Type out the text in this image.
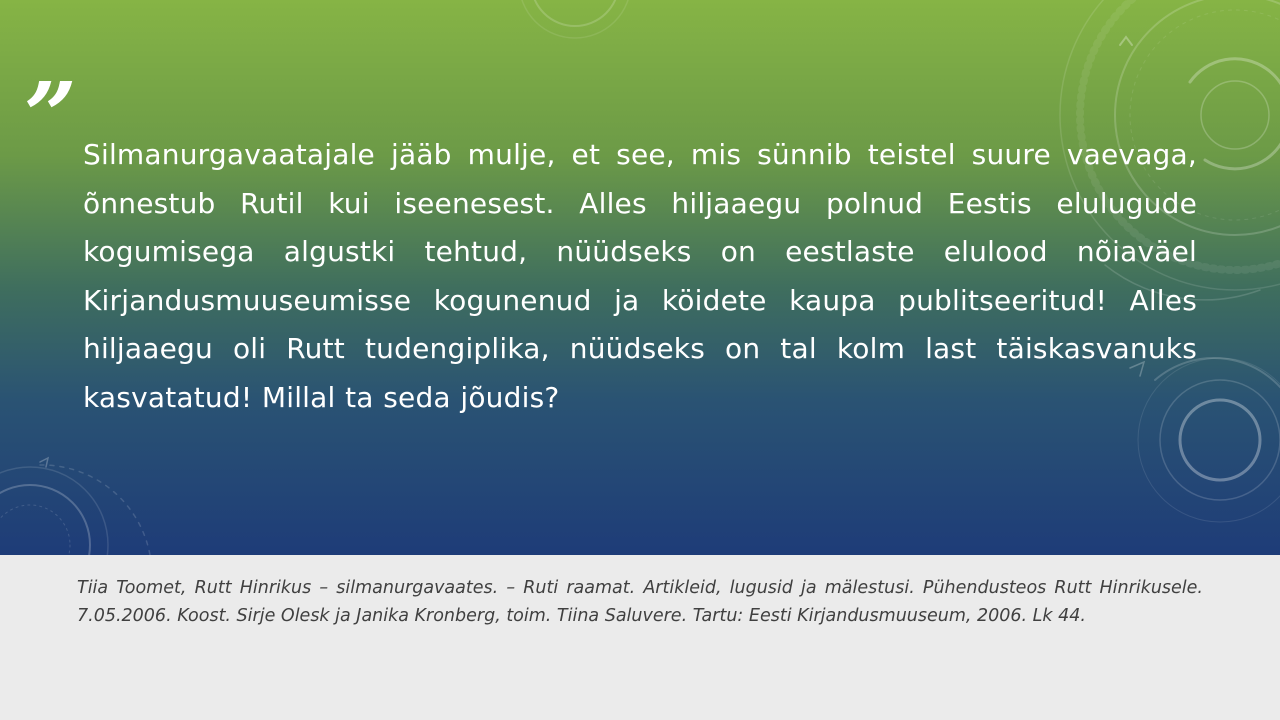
” Silmanurgavaatajale jääb mulje, et see, mis sünnib teistel suure vaevaga, õnnestub Rutil kui iseenesest. Alles hiljaaegu polnud Eestis elulugude kogumisega algustki tehtud, nüüdseks on eestlaste elulood nõiaväel Kirjandusmuuseumisse kogunenud ja köidete kaupa publitseeritud! Alles hiljaaegu oli Rutt tudengiplika, nüüdseks on tal kolm last täiskasvanuks kasvatatud! Millal ta seda jõudis?

Tiia Toomet, Rutt Hinrikus – silmanurgavaates. – Ruti raamat. Artikleid, lugusid ja mälestusi. Pühendusteos Rutt Hinrikusele. 7.05.2006. Koost. Sirje Olesk ja Janika Kronberg, toim. Tiina Saluvere. Tartu: Eesti Kirjandusmuuseum, 2006. Lk 44.
